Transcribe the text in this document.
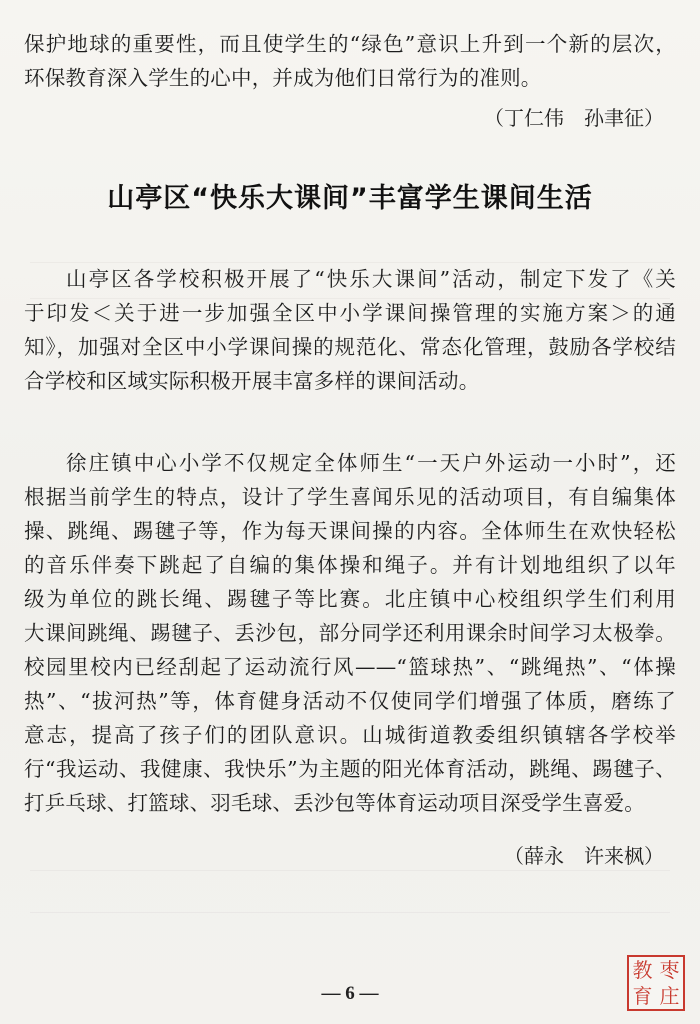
保护地球的重要性，而且使学生的“绿色”意识上升到一个新的层次，
环保教育深入学生的心中，并成为他们日常行为的准则。
（丁仁伟　孙聿征）
山亭区“快乐大课间”丰富学生课间生活
山亭区各学校积极开展了“快乐大课间”活动，制定下发了《关
于印发＜关于进一步加强全区中小学课间操管理的实施方案＞的通
知》，加强对全区中小学课间操的规范化、常态化管理，鼓励各学校结
合学校和区域实际积极开展丰富多样的课间活动。
徐庄镇中心小学不仅规定全体师生“一天户外运动一小时”，还
根据当前学生的特点，设计了学生喜闻乐见的活动项目，有自编集体
操、跳绳、踢毽子等，作为每天课间操的内容。全体师生在欢快轻松
的音乐伴奏下跳起了自编的集体操和绳子。并有计划地组织了以年
级为单位的跳长绳、踢毽子等比赛。北庄镇中心校组织学生们利用
大课间跳绳、踢毽子、丢沙包，部分同学还利用课余时间学习太极拳。
校园里校内已经刮起了运动流行风——“篮球热”、“跳绳热”、“体操
热”、“拔河热”等，体育健身活动不仅使同学们增强了体质，磨练了
意志，提高了孩子们的团队意识。山城街道教委组织镇辖各学校举
行“我运动、我健康、我快乐”为主题的阳光体育活动，跳绳、踢毽子、
打乒乓球、打篮球、羽毛球、丢沙包等体育运动项目深受学生喜爱。
（薛永　许来枫）
— 6 —
教 枣
育 庄
